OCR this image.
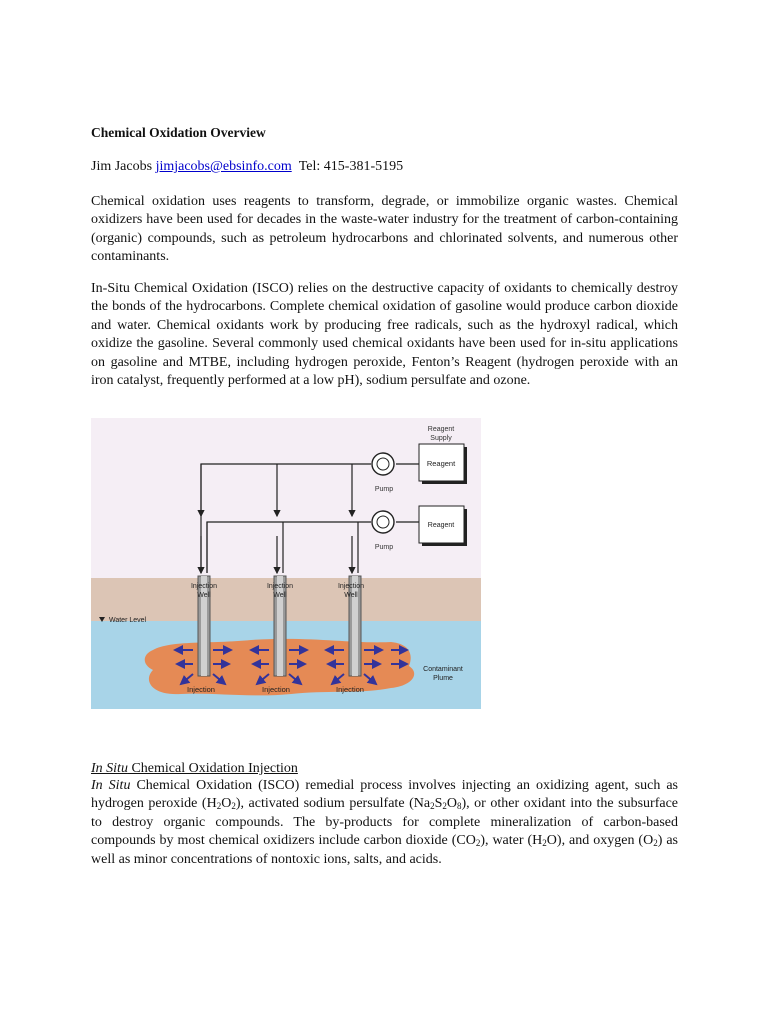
Chemical Oxidation Overview
Jim Jacobs jimjacobs@ebsinfo.com Tel: 415-381-5195

Chemical oxidation uses reagents to transform, degrade, or immobilize organic wastes. Chemical oxidizers have been used for decades in the waste-water industry for the treatment of carbon-containing (organic) compounds, such as petroleum hydrocarbons and chlorinated solvents, and numerous other contaminants.

In-Situ Chemical Oxidation (ISCO) relies on the destructive capacity of oxidants to chemically destroy the bonds of the hydrocarbons. Complete chemical oxidation of gasoline would produce carbon dioxide and water. Chemical oxidants work by producing free radicals, such as the hydroxyl radical, which oxidize the gasoline. Several commonly used chemical oxidants have been used for in-situ applications on gasoline and MTBE, including hydrogen peroxide, Fenton’s Reagent (hydrogen peroxide with an iron catalyst, frequently performed at a low pH), sodium persulfate and ozone.

Pump
Pump
Reagent
Supply
Reagent
Reagent
Injection
Well
Injection
Injection
Well
Injection
Injection
Well
Injection
Water Level
Contaminant
Plume
In Situ Chemical Oxidation Injection

In Situ Chemical Oxidation (ISCO) remedial process involves injecting an oxidizing agent, such as hydrogen peroxide $(H_2O_2)$, activated sodium persulfate $(Na_2S_2O_8)$, or other oxidant into the subsurface to destroy organic compounds. The by-products for complete mineralization of carbon-based compounds by most chemical oxidizers include carbon dioxide $(CO_2)$, water $(H_2O)$, and oxygen $(O_2)$ as well as minor concentrations of nontoxic ions, salts, and acids.
